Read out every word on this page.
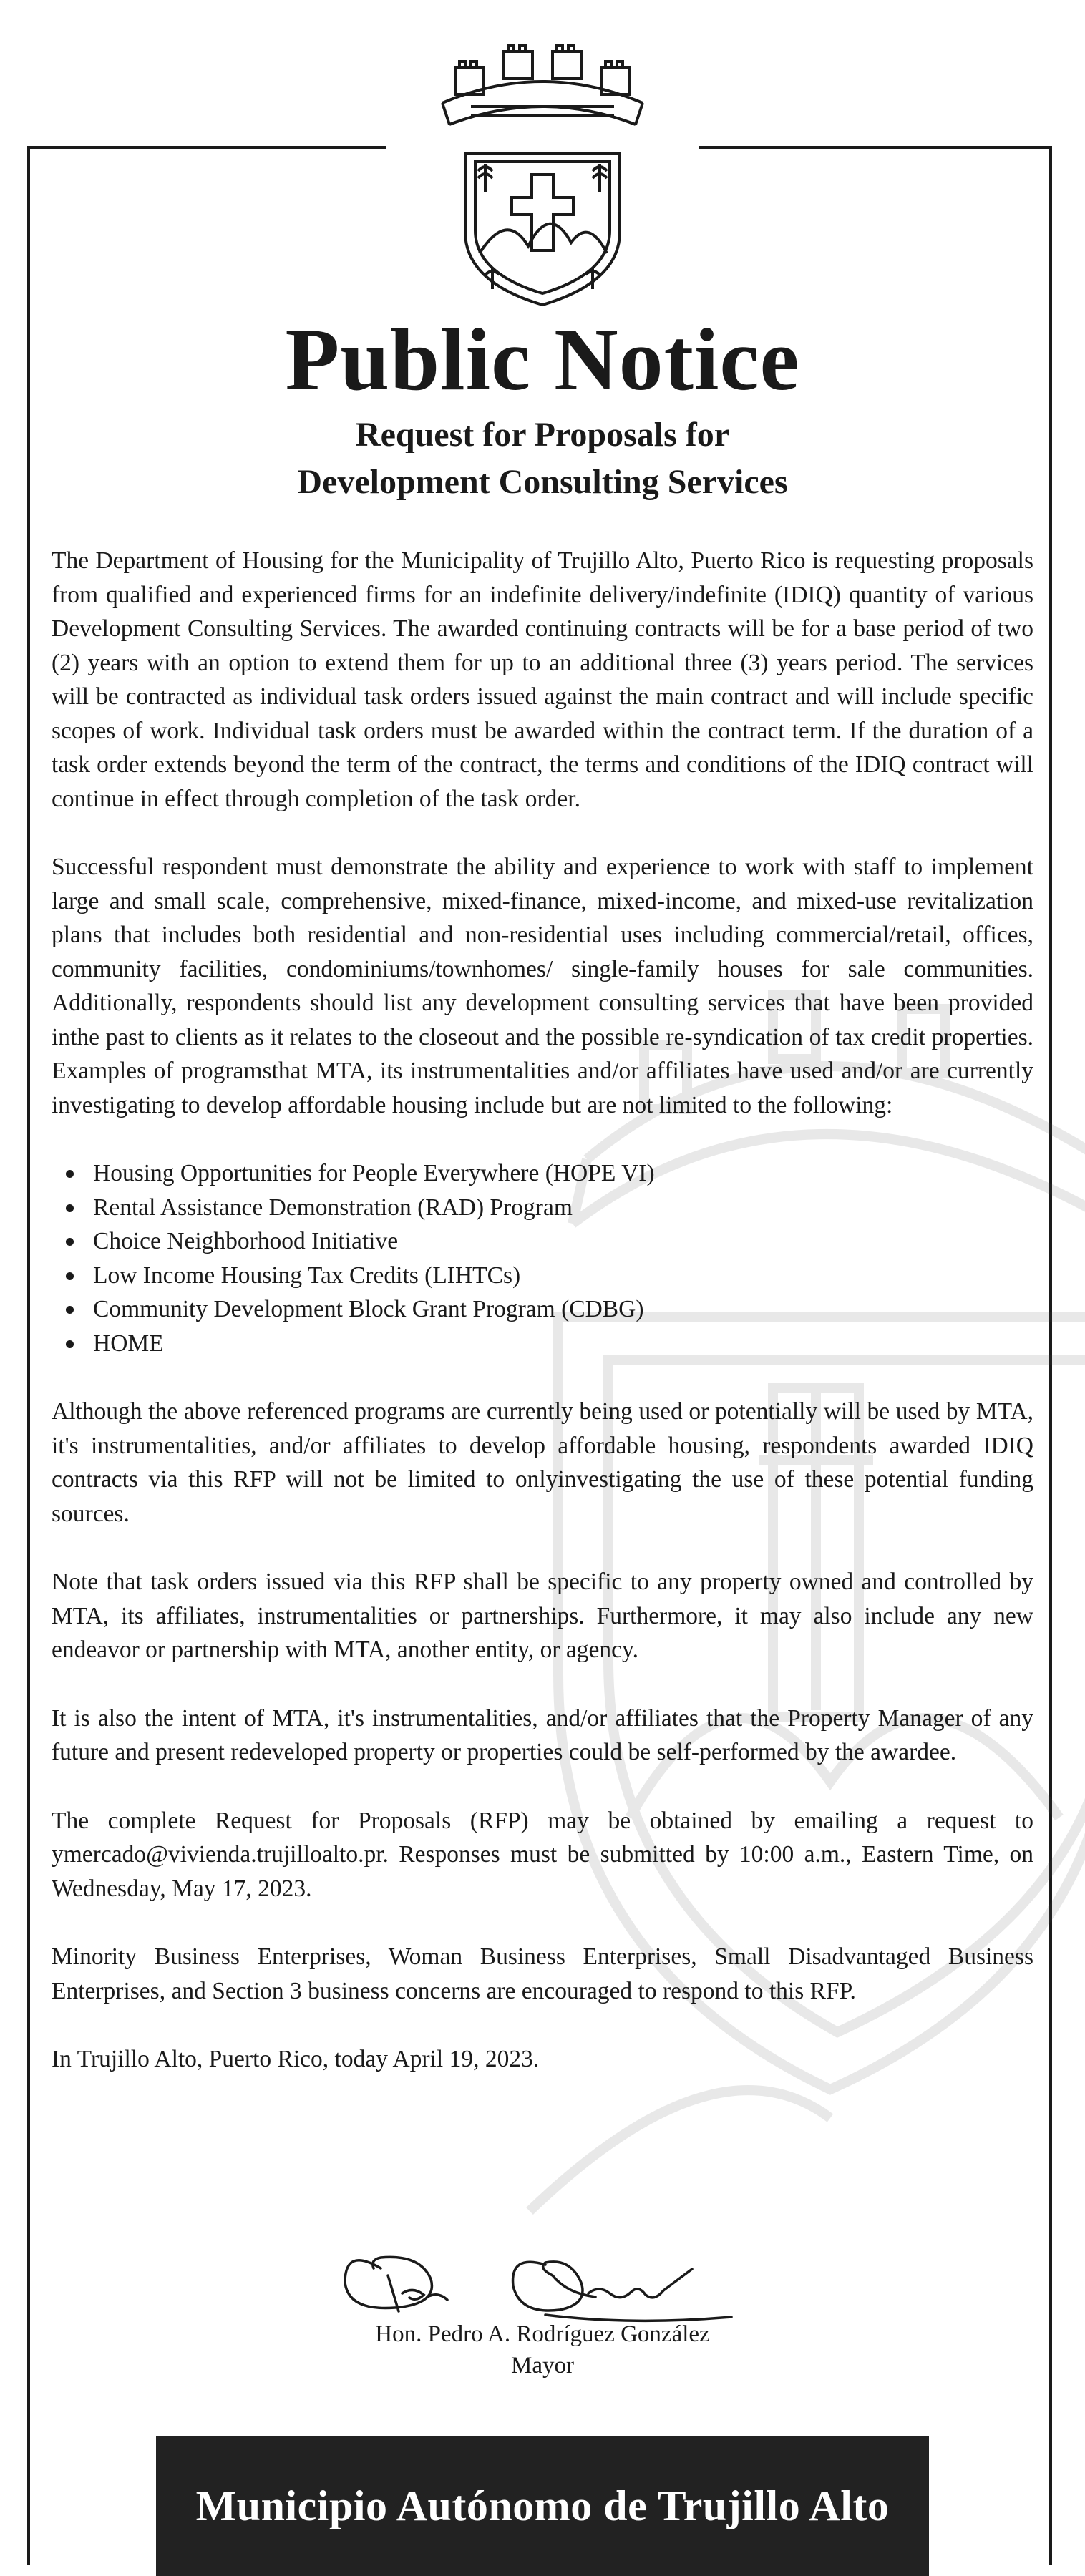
Public Notice
Request for Proposals for
Development Consulting Services

The Department of Housing for the Municipality of Trujillo Alto, Puerto Rico is requesting proposals from qualified and experienced firms for an indefinite delivery/indefinite (IDIQ) quantity of various Development Consulting Services. The awarded continuing contracts will be for a base period of two (2) years with an option to extend them for up to an additional three (3) years period. The services will be contracted as individual task orders issued against the main contract and will include specific scopes of work. Individual task orders must be awarded within the contract term. If the duration of a task order extends beyond the term of the contract, the terms and conditions of the IDIQ contract will continue in effect through completion of the task order.

Successful respondent must demonstrate the ability and experience to work with staff to implement large and small scale, comprehensive, mixed-finance, mixed-income, and mixed-use revitalization plans that includes both residential and non-residential uses including commercial/retail, offices, community facilities, condominiums/townhomes/ single-family houses for sale communities. Additionally, respondents should list any development consulting services that have been provided inthe past to clients as it relates to the closeout and the possible re-syndication of tax credit properties. Examples of programsthat MTA, its instrumentalities and/or affiliates have used and/or are currently investigating to develop affordable housing include but are not limited to the following:

Housing Opportunities for People Everywhere (HOPE VI)
Rental Assistance Demonstration (RAD) Program
Choice Neighborhood Initiative
Low Income Housing Tax Credits (LIHTCs)
Community Development Block Grant Program (CDBG)
HOME

Although the above referenced programs are currently being used or potentially will be used by MTA, it's instrumentalities, and/or affiliates to develop affordable housing, respondents awarded IDIQ contracts via this RFP will not be limited to onlyinvestigating the use of these potential funding sources.

Note that task orders issued via this RFP shall be specific to any property owned and controlled by MTA, its affiliates, instrumentalities or partnerships. Furthermore, it may also include any new endeavor or partnership with MTA, another entity, or agency.

It is also the intent of MTA, it's instrumentalities, and/or affiliates that the Property Manager of any future and present redeveloped property or properties could be self-performed by the awardee.

The complete Request for Proposals (RFP) may be obtained by emailing a request to ymercado@vivienda.trujilloalto.pr. Responses must be submitted by 10:00 a.m., Eastern Time, on Wednesday, May 17, 2023.

Minority Business Enterprises, Woman Business Enterprises, Small Disadvantaged Business Enterprises, and Section 3 business concerns are encouraged to respond to this RFP.

In Trujillo Alto, Puerto Rico, today April 19, 2023.

Hon. Pedro A. Rodríguez González
Mayor
Municipio Autónomo de Trujillo Alto
